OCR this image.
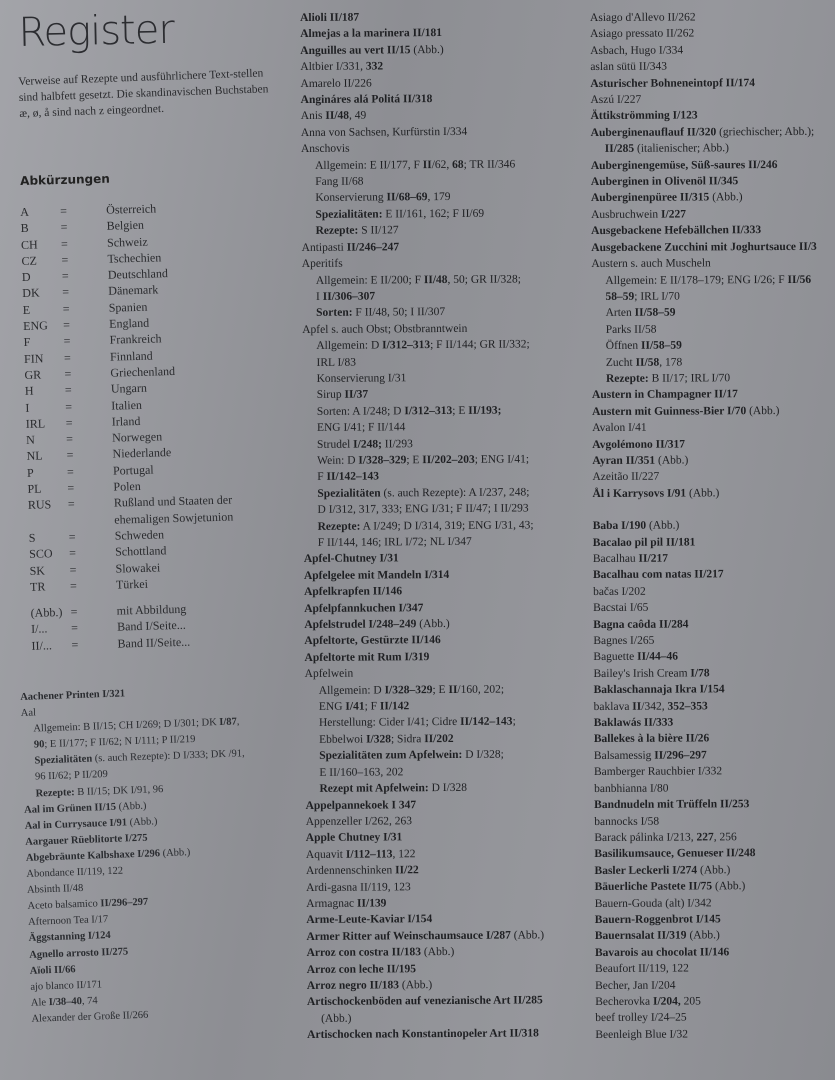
Register
Verweise auf Rezepte und ausführlichere Text-stellen sind halbfett gesetzt. Die skandinavischen Buchstaben æ, ø, å sind nach z eingeordnet.
Abkürzungen
A	=	Österreich
B	=	Belgien
CH	=	Schweiz
CZ	=	Tschechien
D	=	Deutschland
DK	=	Dänemark
E	=	Spanien
ENG	=	England
F	=	Frankreich
FIN	=	Finnland
GR	=	Griechenland
H	=	Ungarn
I	=	Italien
IRL	=	Irland
N	=	Norwegen
NL	=	Niederlande
P	=	Portugal
PL	=	Polen
RUS	=	Rußland und Staaten der
ehemaligen Sowjetunion
S	=	Schweden
SCO	=	Schottland
SK	=	Slowakei
TR	=	Türkei
(Abb.) =	mit Abbildung
I/...	=	Band I/Seite...
II/...	=	Band II/Seite...
Aachener Printen I/321
Aal
Allgemein: B II/15; CH I/269; D I/301; DK I/87,
90; E II/177; F II/62; N I/111; P II/219
Spezialitäten (s. auch Rezepte): D I/333; DK /91,
96 II/62; P II/209
Rezepte: B II/15; DK I/91, 96
Aal im Grünen II/15 (Abb.)
Aal in Currysauce I/91 (Abb.)
Aargauer Rüeblitorte I/275
Abgebräunte Kalbshaxe I/296 (Abb.)
Abondance II/119, 122
Absinth II/48
Aceto balsamico II/296–297
Afternoon Tea I/17
Äggstanning I/124
Agnello arrosto II/275
Aïoli II/66
ajo blanco II/171
Ale I/38–40, 74
Alexander der Große II/266
Alioli II/187
Almejas a la marinera II/181
Anguilles au vert II/15 (Abb.)
Altbier I/331, 332
Amarelo II/226
Angináres alá Politá II/318
Anis II/48, 49
Anna von Sachsen, Kurfürstin I/334
Anschovis
Allgemein: E II/177, F II/62, 68; TR II/346
Fang II/68
Konservierung II/68–69, 179
Spezialitäten: E II/161, 162; F II/69
Rezepte: S II/127
Antipasti II/246–247
Aperitifs
Allgemein: E II/200; F II/48, 50; GR II/328;
I II/306–307
Sorten: F II/48, 50; I II/307
Apfel s. auch Obst; Obstbranntwein
Allgemein: D I/312–313; F II/144; GR II/332;
IRL I/83
Konservierung I/31
Sirup II/37
Sorten: A I/248; D I/312–313; E II/193;
ENG I/41; F II/144
Strudel I/248; II/293
Wein: D I/328–329; E II/202–203; ENG I/41;
F II/142–143
Spezialitäten (s. auch Rezepte): A I/237, 248;
D I/312, 317, 333; ENG I/31; F II/47; I II/293
Rezepte: A I/249; D I/314, 319; ENG I/31, 43;
F II/144, 146; IRL I/72; NL I/347
Apfel-Chutney I/31
Apfelgelee mit Mandeln I/314
Apfelkrapfen II/146
Apfelpfannkuchen I/347
Apfelstrudel I/248–249 (Abb.)
Apfeltorte, Gestürzte II/146
Apfeltorte mit Rum I/319
Apfelwein
Allgemein: D I/328–329; E II/160, 202;
ENG I/41; F II/142
Herstellung: Cider I/41; Cidre II/142–143;
Ebbelwoi I/328; Sidra II/202
Spezialitäten zum Apfelwein: D I/328;
E II/160–163, 202
Rezept mit Apfelwein: D I/328
Appelpannekoek I 347
Appenzeller I/262, 263
Apple Chutney I/31
Aquavit I/112–113, 122
Ardennenschinken II/22
Ardi-gasna II/119, 123
Armagnac II/139
Arme-Leute-Kaviar I/154
Armer Ritter auf Weinschaumsauce I/287 (Abb.)
Arroz con costra II/183 (Abb.)
Arroz con leche II/195
Arroz negro II/183 (Abb.)
Artischockenböden auf venezianische Art II/285
(Abb.)
Artischocken nach Konstantinopeler Art II/318
Asiago d'Allevo II/262
Asiago pressato II/262
Asbach, Hugo I/334
aslan sütü II/343
Asturischer Bohneneintopf II/174
Aszú I/227
Ättikströmming I/123
Auberginenauflauf II/320 (griechischer; Abb.);
II/285 (italienischer; Abb.)
Auberginengemüse, Süß-saures II/246
Auberginen in Olivenöl II/345
Auberginenpüree II/315 (Abb.)
Ausbruchwein I/227
Ausgebackene Hefebällchen II/333
Ausgebackene Zucchini mit Joghurtsauce II/3
Austern s. auch Muscheln
Allgemein: E II/178–179; ENG I/26; F II/56
58–59; IRL I/70
Arten II/58–59
Parks II/58
Öffnen II/58–59
Zucht II/58, 178
Rezepte: B II/17; IRL I/70
Austern in Champagner II/17
Austern mit Guinness-Bier I/70 (Abb.)
Avalon I/41
Avgolémono II/317
Ayran II/351 (Abb.)
Azeitão II/227
Ål i Karrysovs I/91 (Abb.)
Baba I/190 (Abb.)
Bacalao pil pil II/181
Bacalhau II/217
Bacalhau com natas II/217
bačas I/202
Bacstai I/65
Bagna caôda II/284
Bagnes I/265
Baguette II/44–46
Bailey's Irish Cream I/78
Baklaschannaja Ikra I/154
baklava II/342, 352–353
Baklawás II/333
Ballekes à la bière II/26
Balsamessig II/296–297
Bamberger Rauchbier I/332
banbhianna I/80
Bandnudeln mit Trüffeln II/253
bannocks I/58
Barack pálinka I/213, 227, 256
Basilikumsauce, Genueser II/248
Basler Leckerli I/274 (Abb.)
Bäuerliche Pastete II/75 (Abb.)
Bauern-Gouda (alt) I/342
Bauern-Roggenbrot I/145
Bauernsalat II/319 (Abb.)
Bavarois au chocolat II/146
Beaufort II/119, 122
Becher, Jan I/204
Becherovka I/204, 205
beef trolley I/24–25
Beenleigh Blue I/32
